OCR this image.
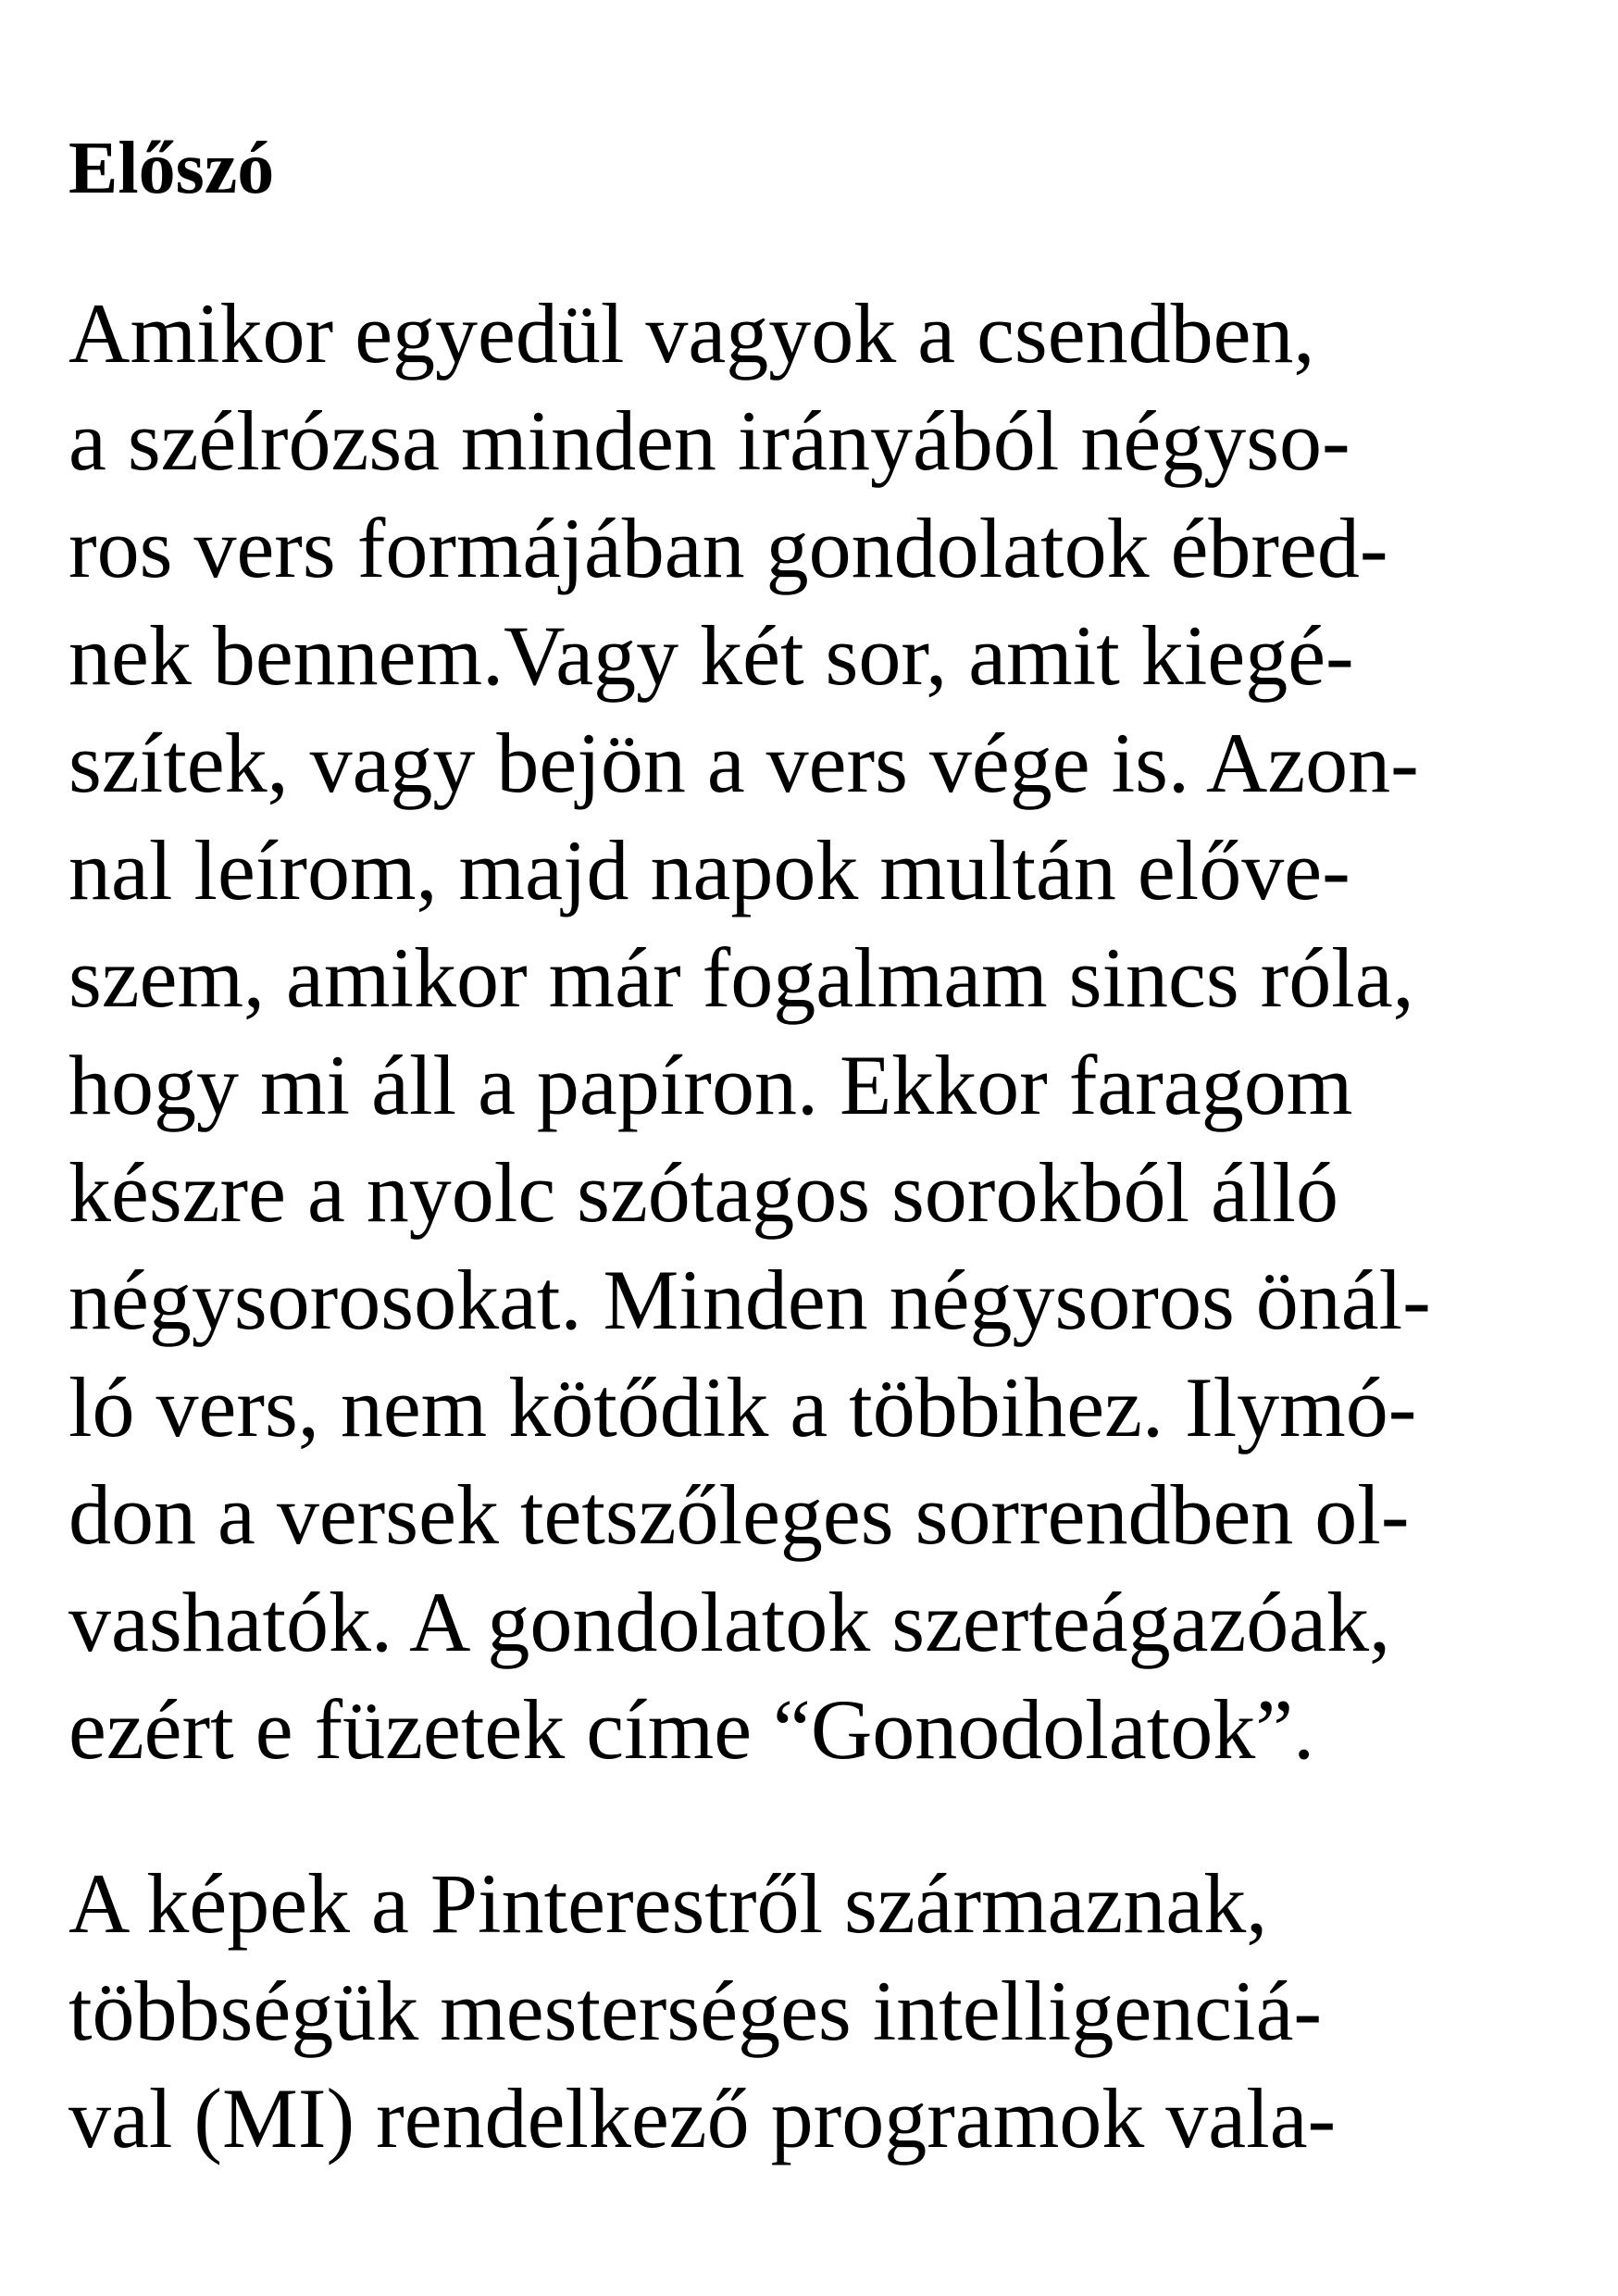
Előszó

Amikor egyedül vagyok a csendben,
a szélrózsa minden irányából négyso-
ros vers formájában gondolatok ébred-
nek bennem.Vagy két sor, amit kiegé-
szítek, vagy bejön a vers vége is. Azon-
nal leírom, majd napok multán előve-
szem, amikor már fogalmam sincs róla,
hogy mi áll a papíron. Ekkor faragom
készre a nyolc szótagos sorokból álló
négysorosokat. Minden négysoros önál-
ló vers, nem kötődik a többihez. Ilymó-
don a versek tetszőleges sorrendben ol-
vashatók. A gondolatok szerteágazóak,
ezért e füzetek címe “Gonodolatok”.

A képek a Pinterestről származnak,
többségük mesterséges intelligenciá-
val (MI) rendelkező programok vala-
